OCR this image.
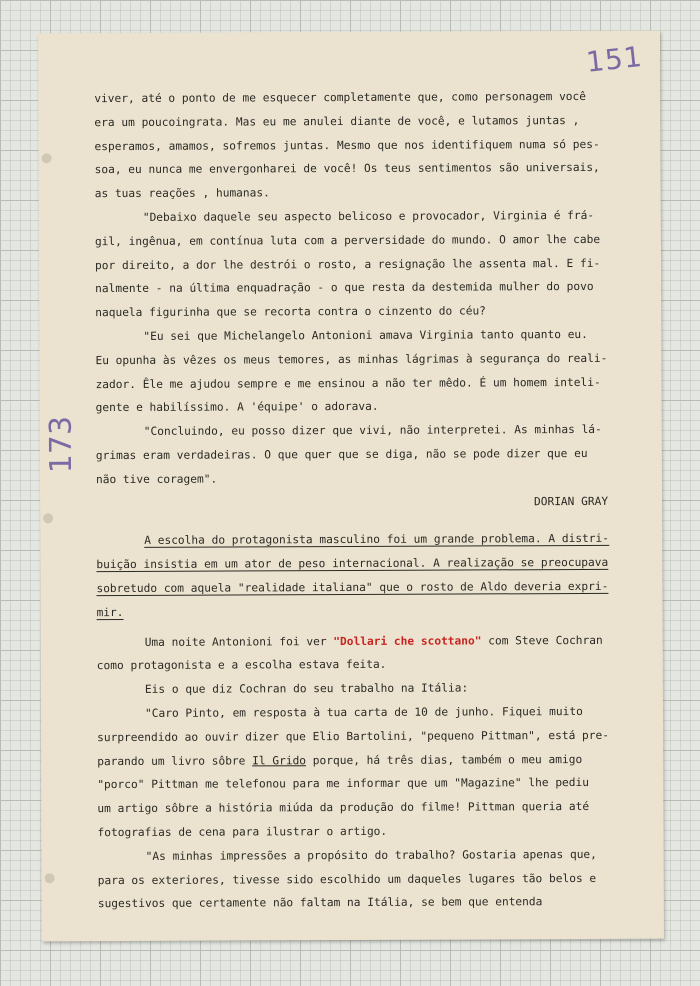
151
173
viver, até o ponto de me esquecer completamente que, como personagem você
era um poucoingrata. Mas eu me anulei diante de você, e lutamos juntas ,
esperamos, amamos, sofremos juntas. Mesmo que nos identifiquem numa só pes-
soa, eu nunca me envergonharei de você! Os teus sentimentos são universais,
as tuas reações , humanas.
"Debaixo daquele seu aspecto belicoso e provocador, Virginia é frá-
gil, ingênua, em contínua luta com a perversidade do mundo. O amor lhe cabe
por direito, a dor lhe destrói o rosto, a resignação lhe assenta mal. E fi-
nalmente - na última enquadração - o que resta da destemida mulher do povo
naquela figurinha que se recorta contra o cinzento do céu?
"Eu sei que Michelangelo Antonioni amava Virginia tanto quanto eu.
Eu opunha às vêzes os meus temores, as minhas lágrimas à segurança do reali-
zador. Êle me ajudou sempre e me ensinou a não ter mêdo. É um homem inteli-
gente e habilíssimo. A 'équipe' o adorava.
"Concluindo, eu posso dizer que vivi, não interpretei. As minhas lá-
grimas eram verdadeiras. O que quer que se diga, não se pode dizer que eu
não tive coragem".
DORIAN GRAY
A escolha do protagonista masculino foi um grande problema. A distri-
buição insistia em um ator de peso internacional. A realização se preocupava
sobretudo com aquela "realidade italiana" que o rosto de Aldo deveria expri-
mir.
Uma noite Antonioni foi ver "Dollari che scottano" com Steve Cochran
como protagonista e a escolha estava feita.
Eis o que diz Cochran do seu trabalho na Itália:
"Caro Pinto, em resposta à tua carta de 10 de junho. Fiquei muito
surpreendido ao ouvir dizer que Elio Bartolini, "pequeno Pittman", está pre-
parando um livro sôbre Il Grido porque, há três dias, também o meu amigo
"porco" Pittman me telefonou para me informar que um "Magazine" lhe pediu
um artigo sôbre a história miúda da produção do filme! Pittman queria até
fotografias de cena para ilustrar o artigo.
"As minhas impressões a propósito do trabalho? Gostaria apenas que,
para os exteriores, tivesse sido escolhido um daqueles lugares tão belos e
sugestivos que certamente não faltam na Itália, se bem que entenda
